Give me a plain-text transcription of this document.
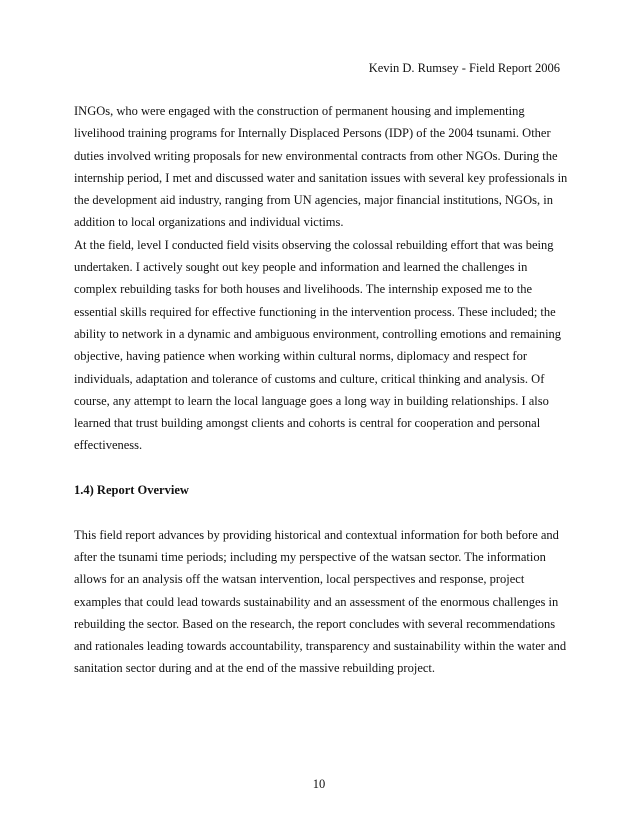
Kevin D. Rumsey - Field Report 2006
INGOs, who were engaged with the construction of permanent housing and implementing
livelihood training programs for Internally Displaced Persons (IDP) of the 2004 tsunami. Other
duties involved writing proposals for new environmental contracts from other NGOs. During the
internship period, I met and discussed water and sanitation issues with several key professionals in
the development aid industry, ranging from UN agencies, major financial institutions, NGOs, in
addition to local organizations and individual victims.
At the field, level I conducted field visits observing the colossal rebuilding effort that was being
undertaken. I actively sought out key people and information and learned the challenges in
complex rebuilding tasks for both houses and livelihoods. The internship exposed me to the
essential skills required for effective functioning in the intervention process. These included; the
ability to network in a dynamic and ambiguous environment, controlling emotions and remaining
objective, having patience when working within cultural norms, diplomacy and respect for
individuals, adaptation and tolerance of customs and culture, critical thinking and analysis. Of
course, any attempt to learn the local language goes a long way in building relationships. I also
learned that trust building amongst clients and cohorts is central for cooperation and personal
effectiveness.
1.4) Report Overview
This field report advances by providing historical and contextual information for both before and
after the tsunami time periods; including my perspective of the watsan sector. The information
allows for an analysis off the watsan intervention, local perspectives and response, project
examples that could lead towards sustainability and an assessment of the enormous challenges in
rebuilding the sector. Based on the research, the report concludes with several recommendations
and rationales leading towards accountability, transparency and sustainability within the water and
sanitation sector during and at the end of the massive rebuilding project.
10
